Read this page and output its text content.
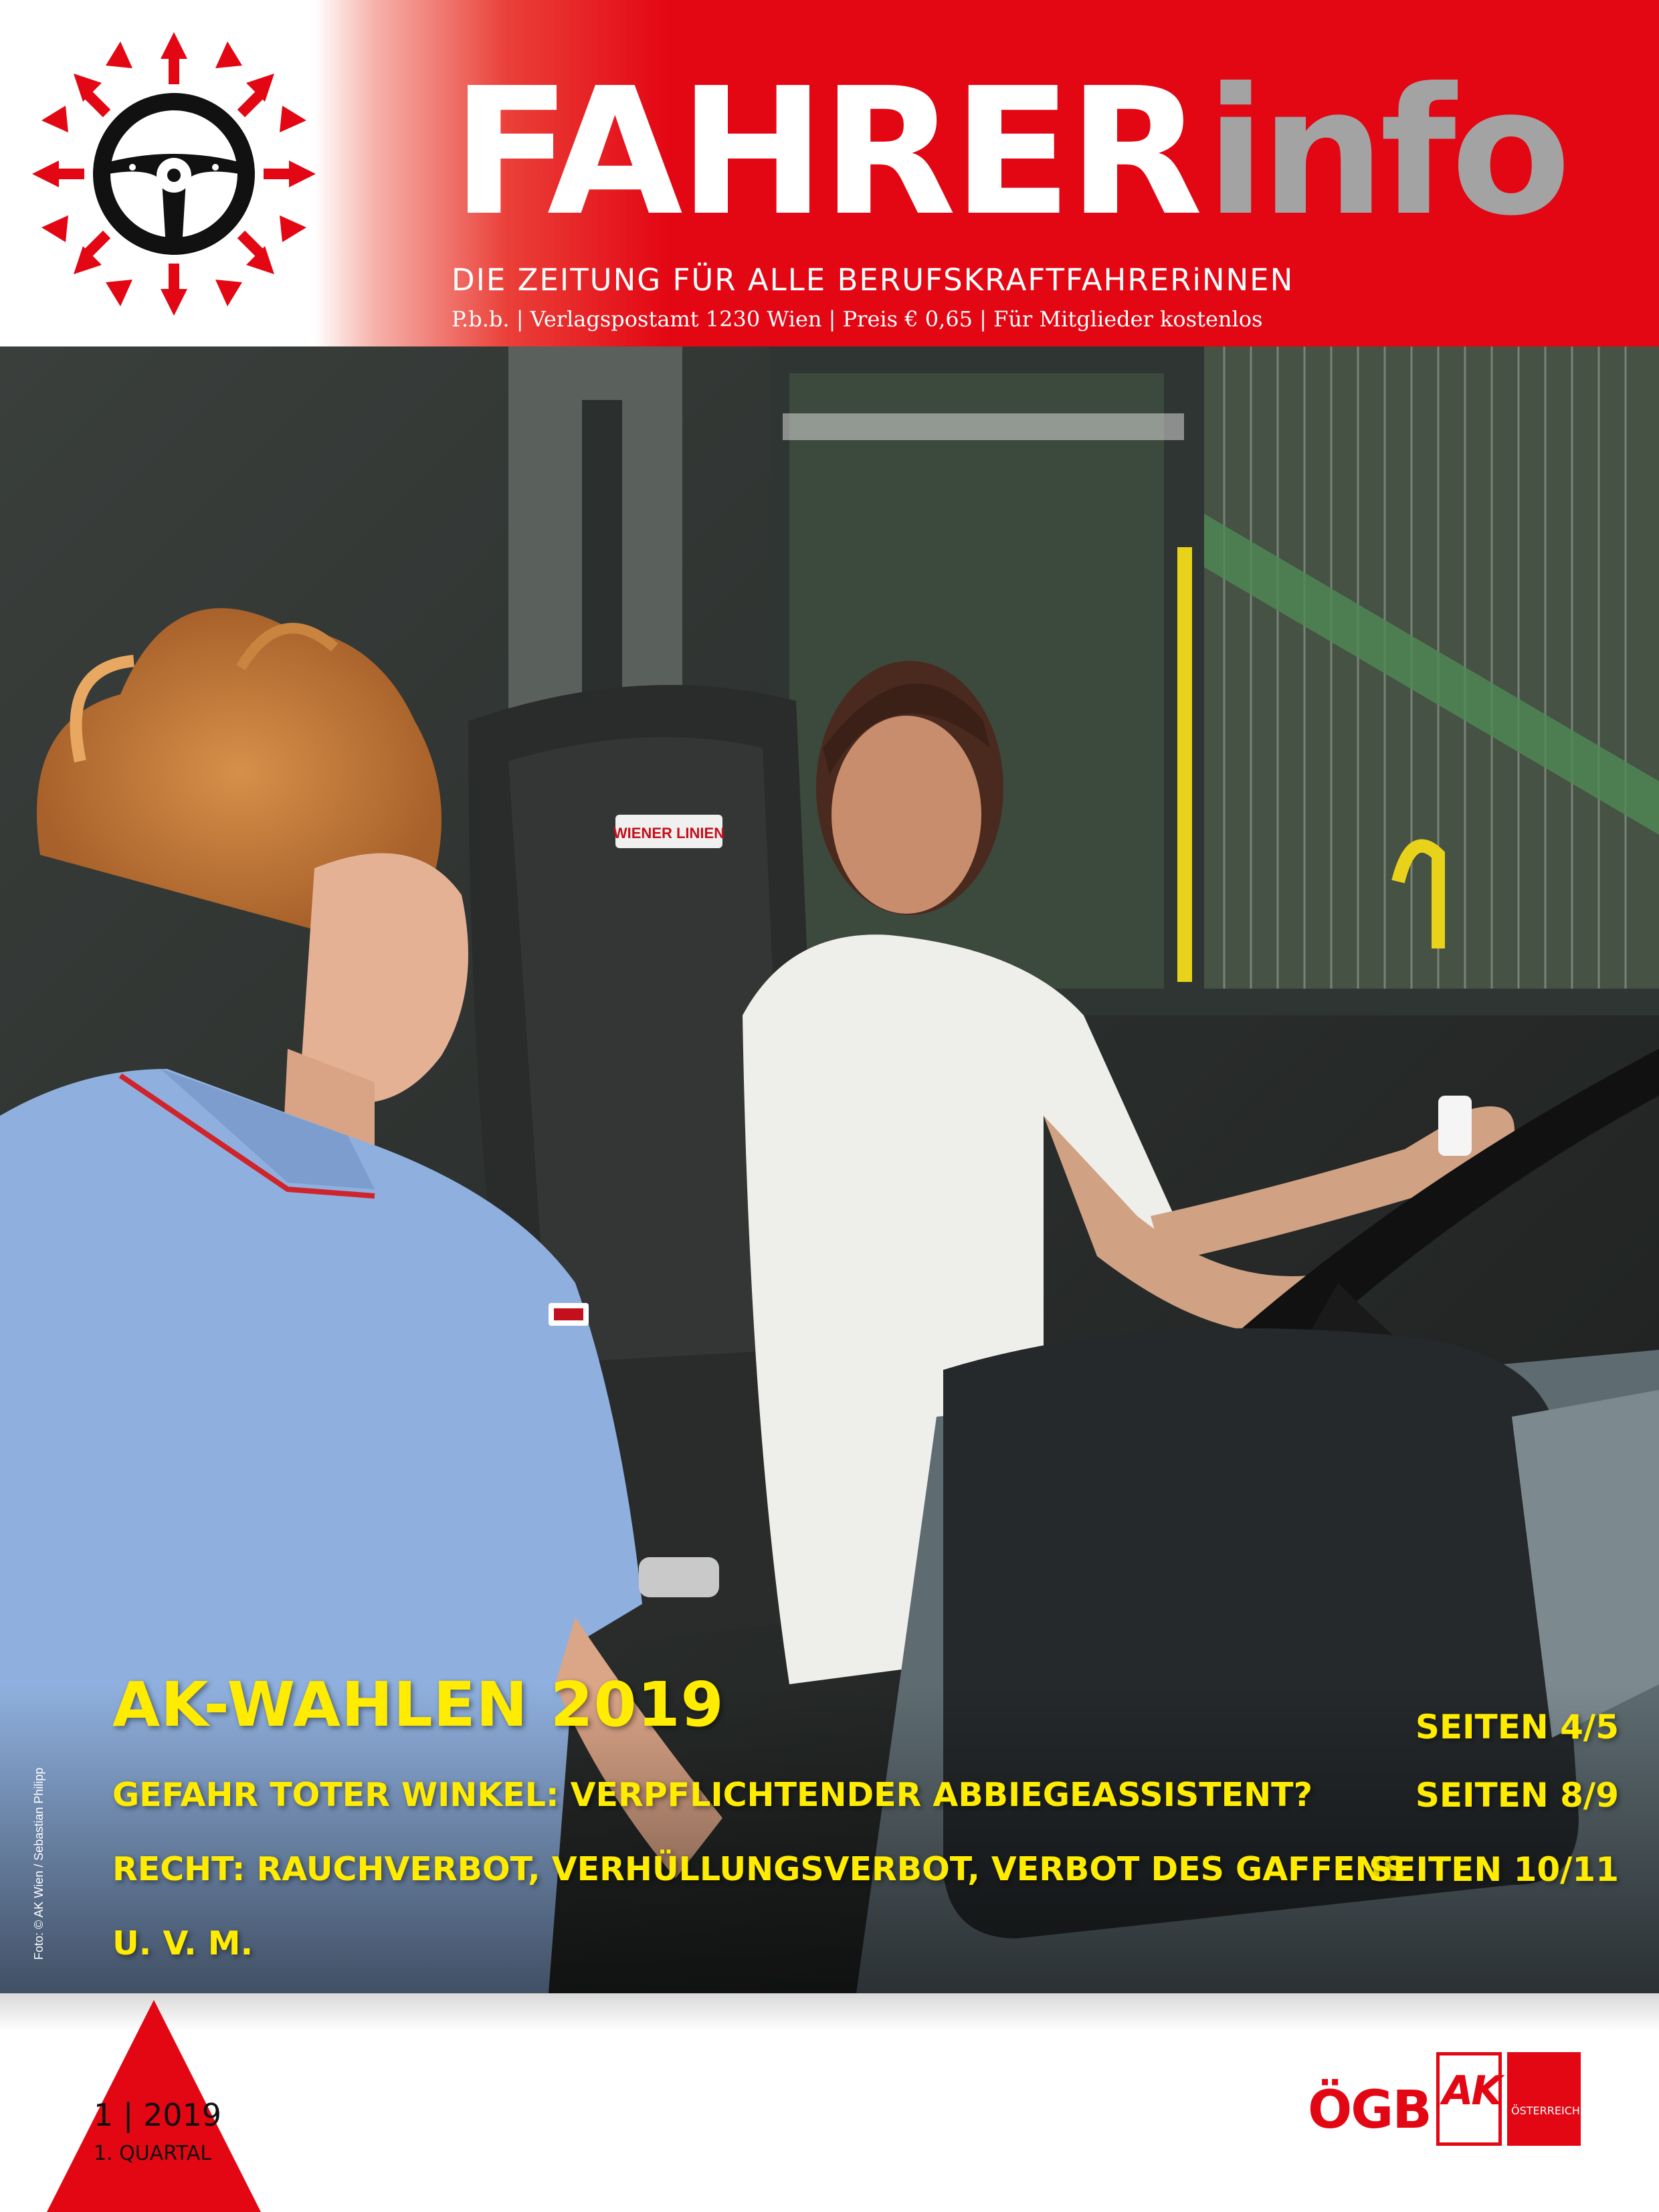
FAHRERinfo
DIE ZEITUNG FÜR ALLE BERUFSKRAFTFAHRERiNNEN
P.b.b. | Verlagspostamt 1230 Wien | Preis € 0,65 | Für Mitglieder kostenlos
WIENER LINIEN
AK-WAHLEN 2019	SEITEN 4/5
GEFAHR TOTER WINKEL: VERPFLICHTENDER ABBIEGEASSISTENT?	SEITEN 8/9
RECHT: RAUCHVERBOT, VERHÜLLUNGSVERBOT, VERBOT DES GAFFENS
SEITEN 10/11
U. V. M.
Foto: © AK Wien / Sebastian Philipp
1 | 2019
1. QUARTAL
ÖGB AK ÖSTERREICH
